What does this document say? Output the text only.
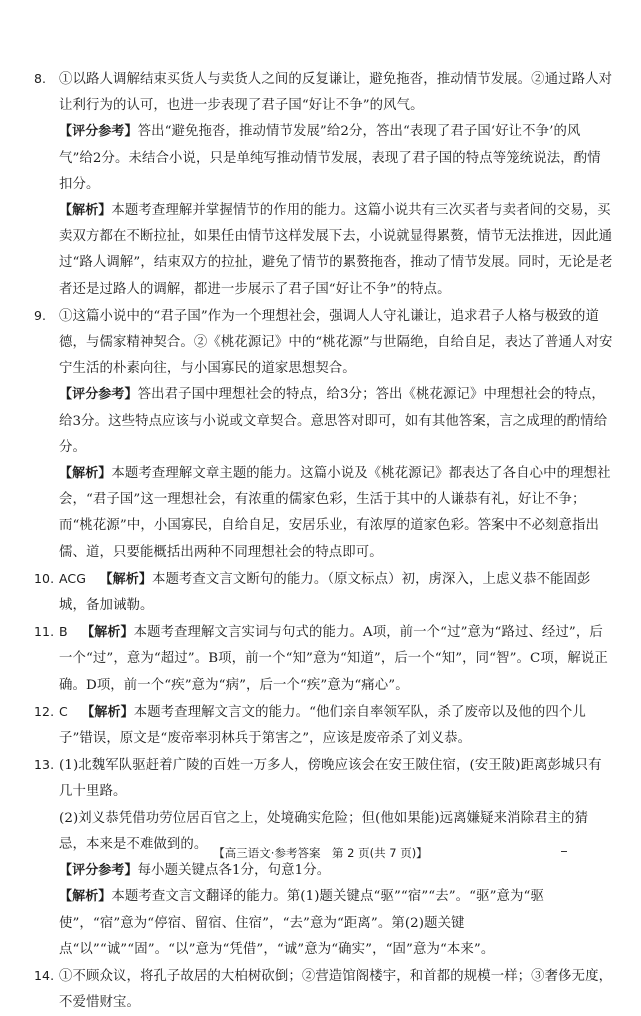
8. ①以路人调解结束买货人与卖货人之间的反复谦让，避免拖沓，推动情节发展。②通过路人对让利行为的认可，也进一步表现了君子国“好让不争”的风气。

【评分参考】答出“避免拖沓，推动情节发展”给2分，答出“表现了君子国‘好让不争’的风气”给2分。未结合小说，只是单纯写推动情节发展，表现了君子国的特点等笼统说法，酌情扣分。

【解析】本题考查理解并掌握情节的作用的能力。这篇小说共有三次买者与卖者间的交易，买卖双方都在不断拉扯，如果任由情节这样发展下去，小说就显得累赘，情节无法推进，因此通过“路人调解”，结束双方的拉扯，避免了情节的累赘拖沓，推动了情节发展。同时，无论是老者还是过路人的调解，都进一步展示了君子国“好让不争”的特点。

9. ①这篇小说中的“君子国”作为一个理想社会，强调人人守礼谦让，追求君子人格与极致的道德，与儒家精神契合。②《桃花源记》中的“桃花源”与世隔绝，自给自足，表达了普通人对安宁生活的朴素向往，与小国寡民的道家思想契合。

【评分参考】答出君子国中理想社会的特点，给3分；答出《桃花源记》中理想社会的特点，给3分。这些特点应该与小说或文章契合。意思答对即可，如有其他答案，言之成理的酌情给分。

【解析】本题考查理解文章主题的能力。这篇小说及《桃花源记》都表达了各自心中的理想社会，“君子国”这一理想社会，有浓重的儒家色彩，生活于其中的人谦恭有礼，好让不争；而“桃花源”中，小国寡民，自给自足，安居乐业，有浓厚的道家色彩。答案中不必刻意指出儒、道，只要能概括出两种不同理想社会的特点即可。

10. ACG  【解析】本题考查文言文断句的能力。（原文标点）初，虏深入，上虑义恭不能固彭城，备加诫勒。

11. B  【解析】本题考查理解文言实词与句式的能力。A项，前一个“过”意为“路过、经过”，后一个“过”，意为“超过”。B项，前一个“知”意为“知道”，后一个“知”，同“智”。C项，解说正确。D项，前一个“疾”意为“病”，后一个“疾”意为“痛心”。

12. C  【解析】本题考查理解文言文的能力。“他们亲自率领军队，杀了废帝以及他的四个儿子”错误，原文是“废帝率羽林兵于第害之”，应该是废帝杀了刘义恭。

13. (1)北魏军队驱赶着广陵的百姓一万多人，傍晚应该会在安王陂住宿，(安王陂)距离彭城只有几十里路。

(2)刘义恭凭借功劳位居百官之上，处境确实危险；但(他如果能)远离嫌疑来消除君主的猜忌，本来是不难做到的。

【评分参考】每小题关键点各1分，句意1分。

【解析】本题考查文言文翻译的能力。第(1)题关键点“驱”“宿”“去”。“驱”意为“驱使”，“宿”意为“停宿、留宿、住宿”，“去”意为“距离”。第(2)题关键点“以”“诚”“固”。“以”意为“凭借”，“诚”意为“确实”，“固”意为“本来”。

14. ①不顾众议，将孔子故居的大柏树砍倒；②营造馆阁楼宇，和首都的规模一样；③奢侈无度，不爱惜财宝。

【高三语文·参考答案　第 2 页(共 7 页)】
